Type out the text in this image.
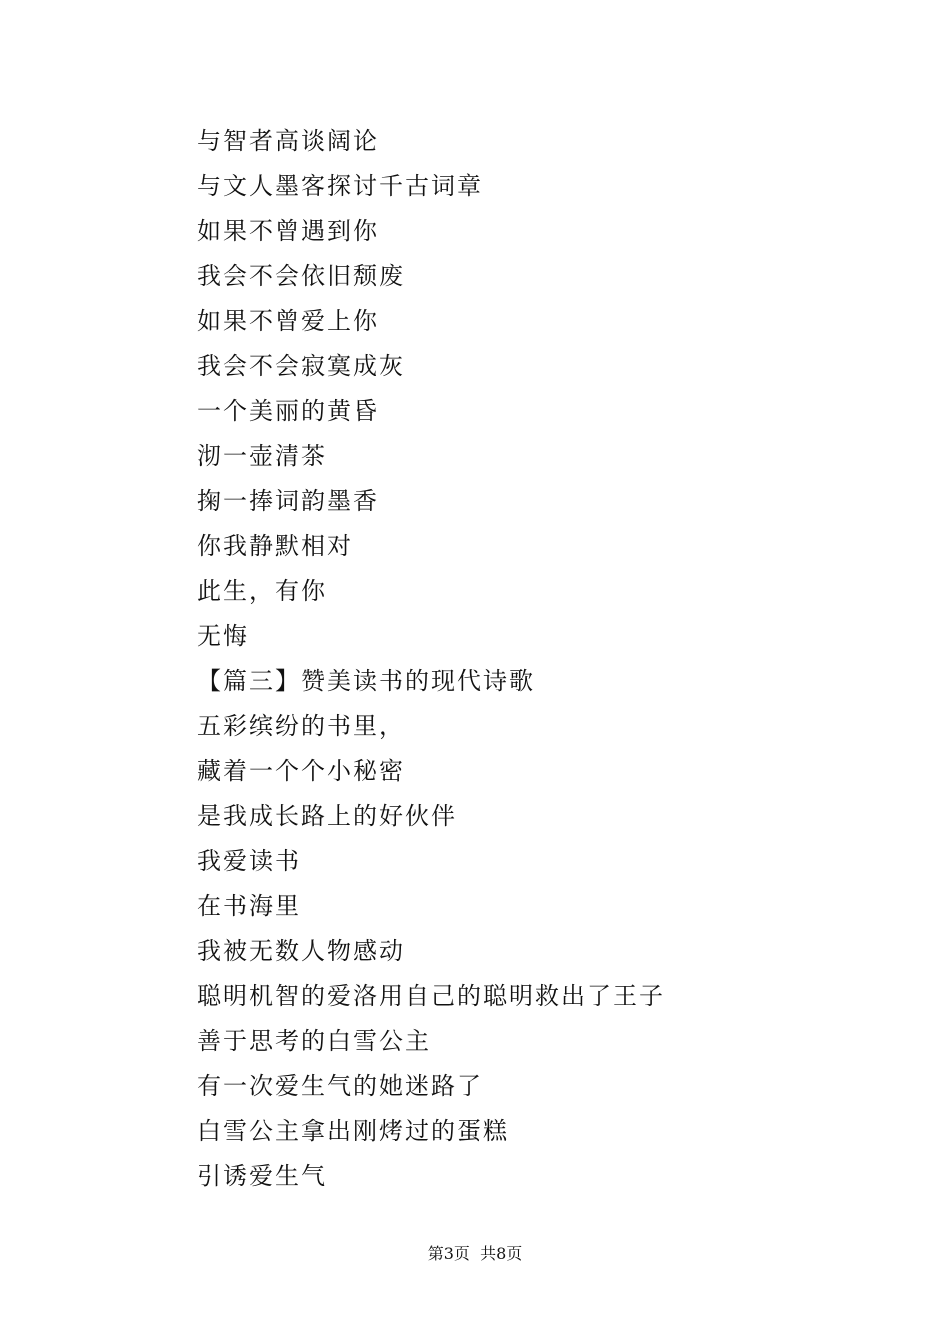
与智者高谈阔论
与文人墨客探讨千古词章
如果不曾遇到你
我会不会依旧颓废
如果不曾爱上你
我会不会寂寞成灰
一个美丽的黄昏
沏一壶清茶
掬一捧词韵墨香
你我静默相对
此生，有你
无悔
【篇三】赞美读书的现代诗歌
五彩缤纷的书里，
藏着一个个小秘密
是我成长路上的好伙伴
我爱读书
在书海里
我被无数人物感动
聪明机智的爱洛用自己的聪明救出了王子
善于思考的白雪公主
有一次爱生气的她迷路了
白雪公主拿出刚烤过的蛋糕
引诱爱生气
第3页  共8页
